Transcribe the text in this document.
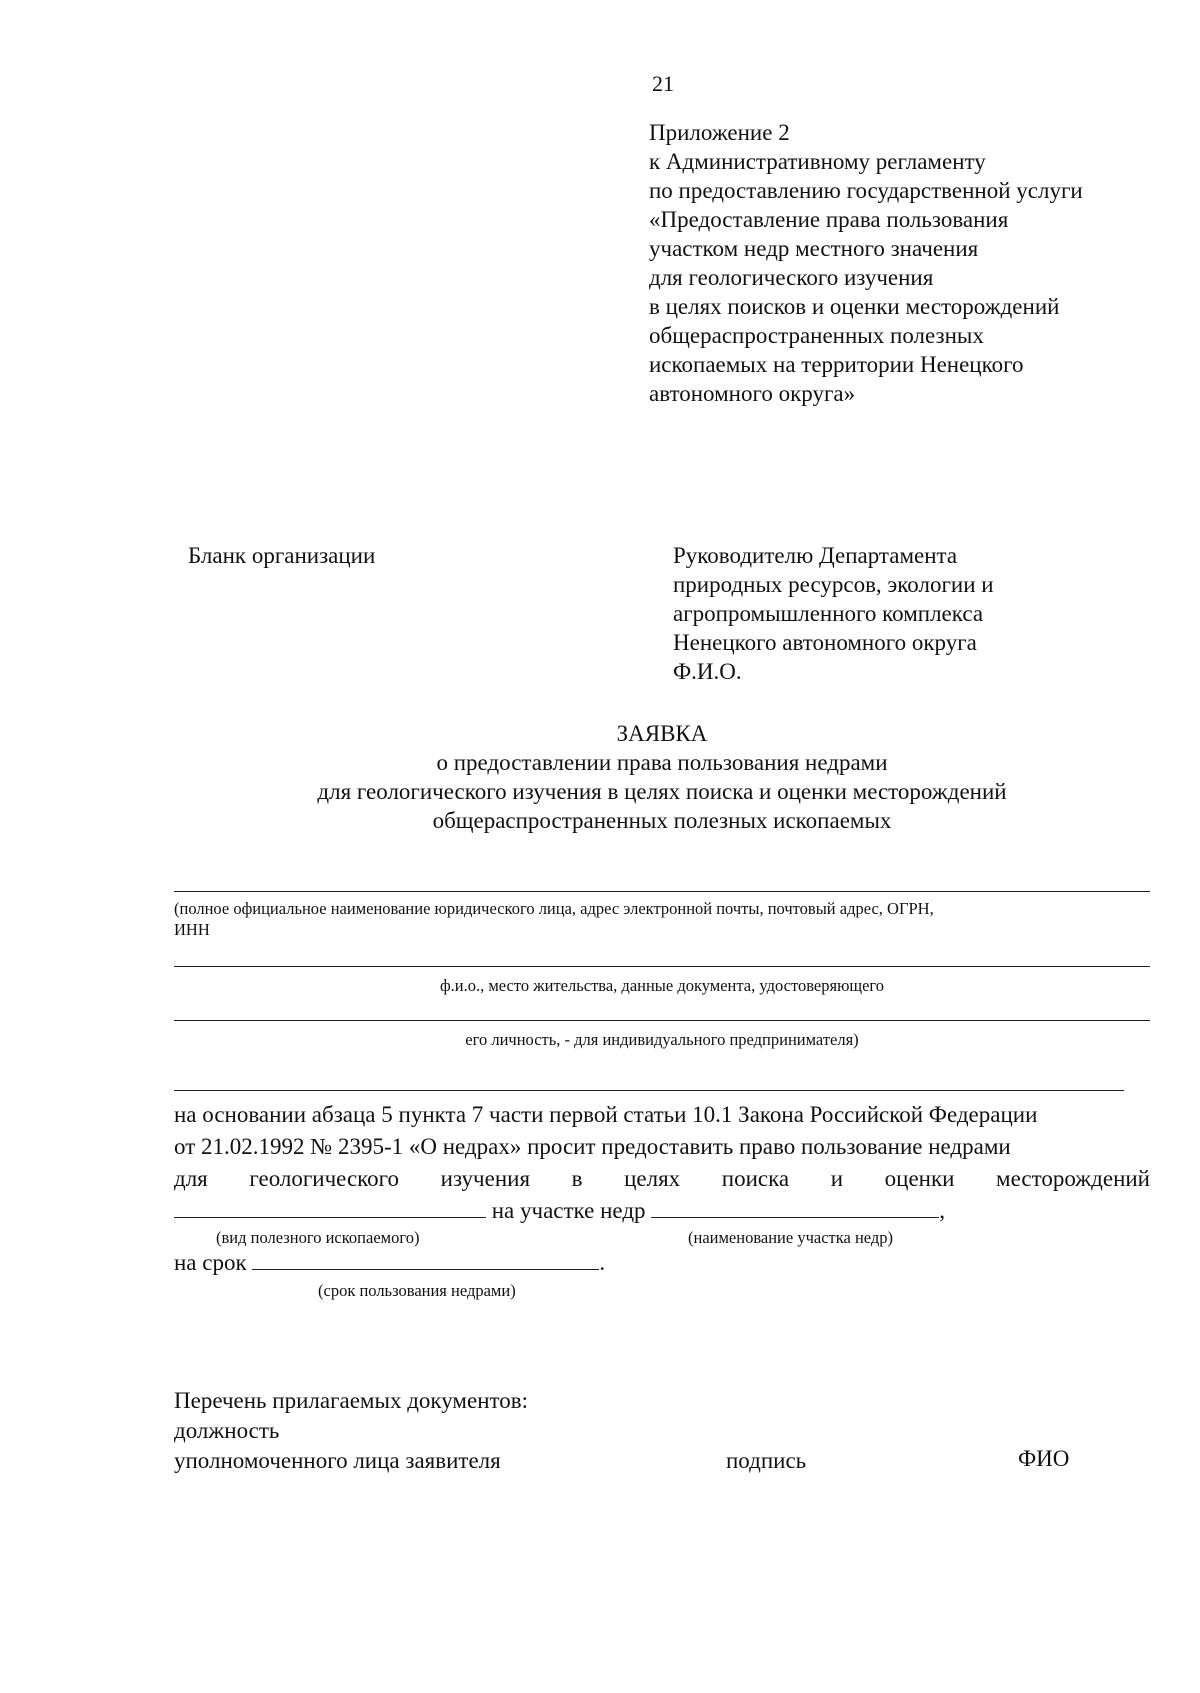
21
Приложение 2
к Административному регламенту
по предоставлению государственной услуги
«Предоставление права пользования
участком недр местного значения
для геологического изучения
в целях поисков и оценки месторождений
общераспространенных полезных
ископаемых на территории Ненецкого
автономного округа»
Бланк организации	Руководителю Департамента
природных ресурсов, экологии и
агропромышленного комплекса
Ненецкого автономного округа
Ф.И.О.
ЗАЯВКА
о предоставлении права пользования недрами
для геологического изучения в целях поиска и оценки месторождений
общераспространенных полезных ископаемых
(полное официальное наименование юридического лица, адрес электронной почты, почтовый адрес, ОГРН,
ИНН
ф.и.о., место жительства, данные документа, удостоверяющего
его личность, - для индивидуального предпринимателя)
на основании абзаца 5 пункта 7 части первой статьи 10.1 Закона Российской Федерации
от 21.02.1992 № 2395-1 «О недрах» просит предоставить право пользование недрами
для геологического изучения в целях поиска и оценки месторождений
на участке недр	,
(вид полезного ископаемого)	(наименование участка недр)
на срок	.
(срок пользования недрами)
Перечень прилагаемых документов:
должность
уполномоченного лица заявителя	подпись	ФИО
